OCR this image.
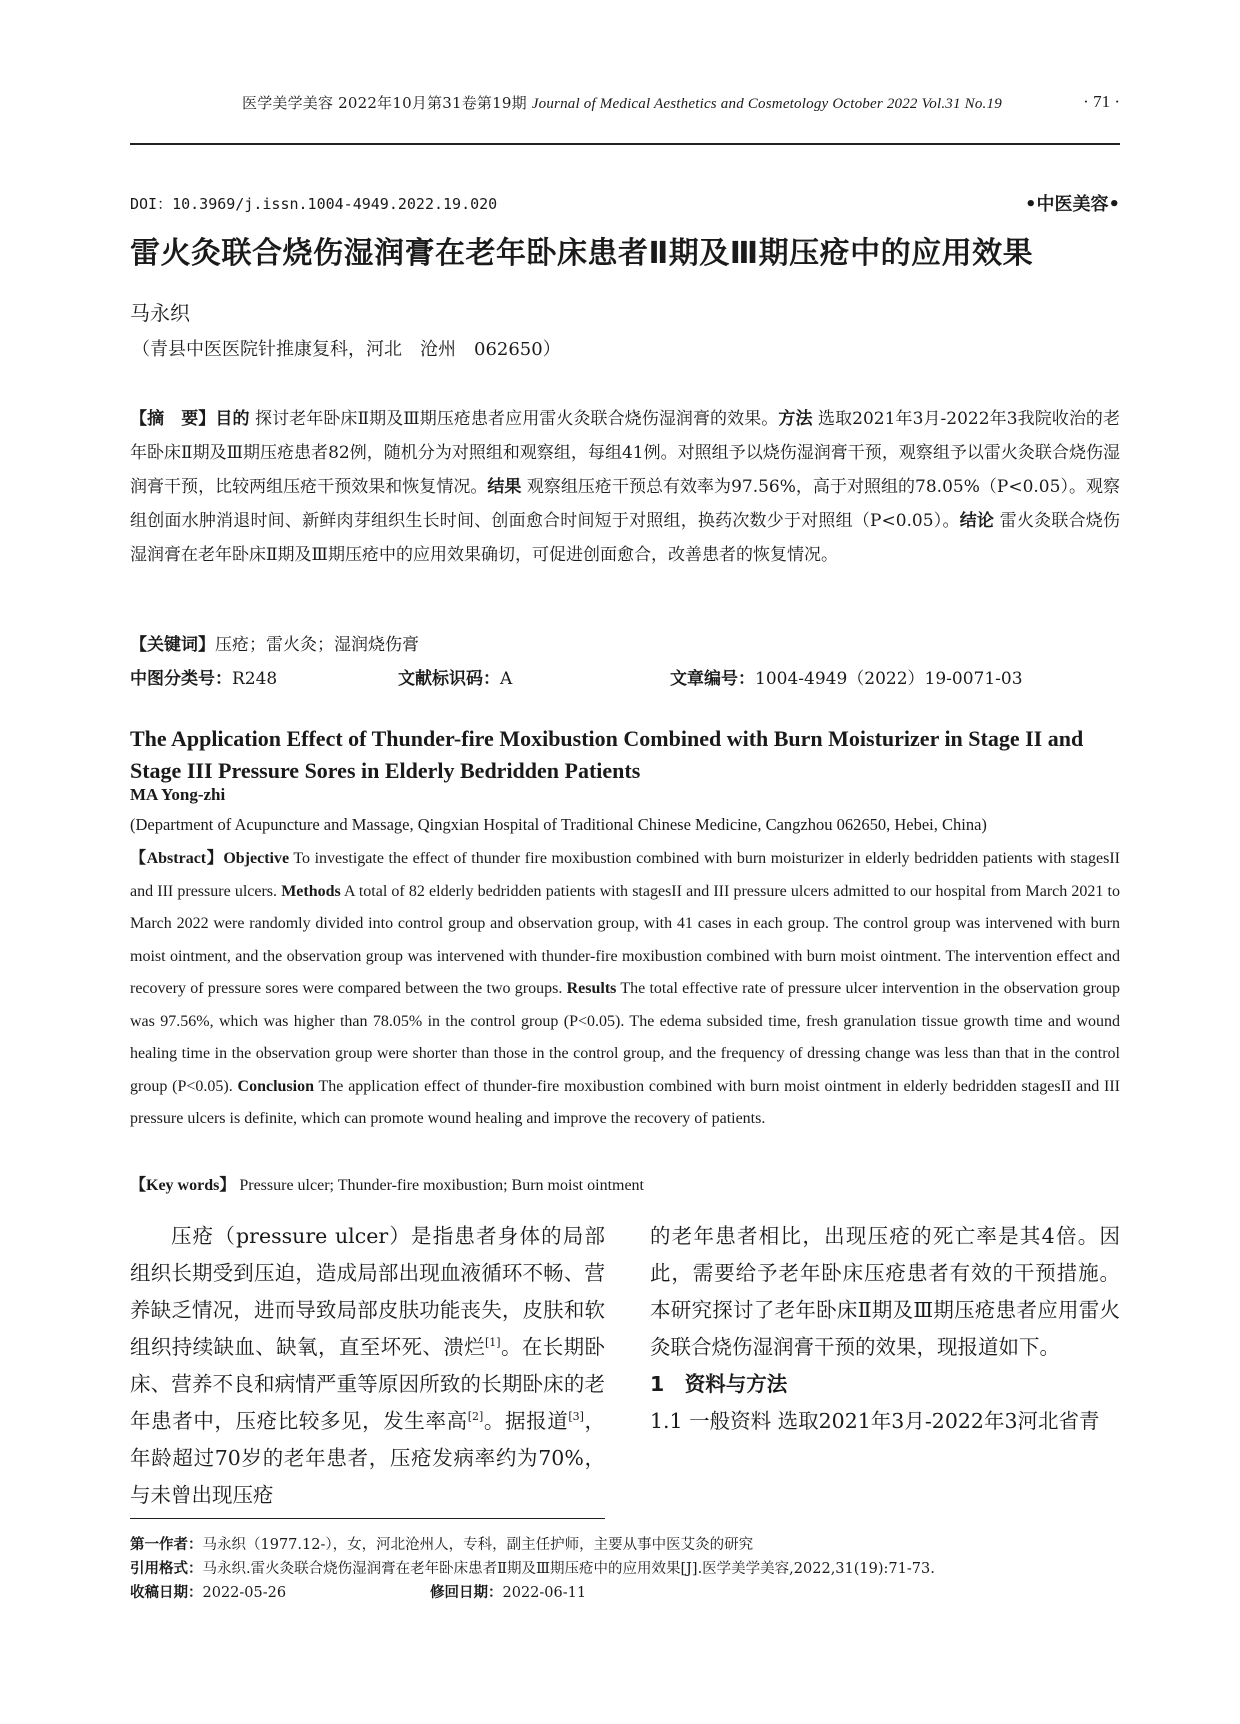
医学美学美容 2022年10月第31卷第19期 Journal of Medical Aesthetics and Cosmetology October 2022 Vol.31 No.19	· 71 ·
DOI：10.3969/j.issn.1004-4949.2022.19.020	•中医美容•
雷火灸联合烧伤湿润膏在老年卧床患者Ⅱ期及Ⅲ期压疮中的应用效果
马永织
（青县中医医院针推康复科，河北　沧州　062650）
【摘　要】目的 探讨老年卧床Ⅱ期及Ⅲ期压疮患者应用雷火灸联合烧伤湿润膏的效果。方法 选取2021年3月-2022年3我院收治的老年卧床Ⅱ期及Ⅲ期压疮患者82例，随机分为对照组和观察组，每组41例。对照组予以烧伤湿润膏干预，观察组予以雷火灸联合烧伤湿润膏干预，比较两组压疮干预效果和恢复情况。结果 观察组压疮干预总有效率为97.56%，高于对照组的78.05%（P<0.05）。观察组创面水肿消退时间、新鲜肉芽组织生长时间、创面愈合时间短于对照组，换药次数少于对照组（P<0.05）。结论 雷火灸联合烧伤湿润膏在老年卧床Ⅱ期及Ⅲ期压疮中的应用效果确切，可促进创面愈合，改善患者的恢复情况。
【关键词】压疮；雷火灸；湿润烧伤膏
中图分类号：R248	文献标识码：A	文章编号：1004-4949（2022）19-0071-03
The Application Effect of Thunder-fire Moxibustion Combined with Burn Moisturizer in Stage II and Stage III Pressure Sores in Elderly Bedridden Patients
MA Yong-zhi
(Department of Acupuncture and Massage, Qingxian Hospital of Traditional Chinese Medicine, Cangzhou 062650, Hebei, China)
【Abstract】Objective To investigate the effect of thunder fire moxibustion combined with burn moisturizer in elderly bedridden patients with stagesII and III pressure ulcers. Methods A total of 82 elderly bedridden patients with stagesII and III pressure ulcers admitted to our hospital from March 2021 to March 2022 were randomly divided into control group and observation group, with 41 cases in each group. The control group was intervened with burn moist ointment, and the observation group was intervened with thunder-fire moxibustion combined with burn moist ointment. The intervention effect and recovery of pressure sores were compared between the two groups. Results The total effective rate of pressure ulcer intervention in the observation group was 97.56%, which was higher than 78.05% in the control group (P<0.05). The edema subsided time, fresh granulation tissue growth time and wound healing time in the observation group were shorter than those in the control group, and the frequency of dressing change was less than that in the control group (P<0.05). Conclusion The application effect of thunder-fire moxibustion combined with burn moist ointment in elderly bedridden stagesII and III pressure ulcers is definite, which can promote wound healing and improve the recovery of patients.
【Key words】 Pressure ulcer; Thunder-fire moxibustion; Burn moist ointment

压疮（pressure ulcer）是指患者身体的局部组织长期受到压迫，造成局部出现血液循环不畅、营养缺乏情况，进而导致局部皮肤功能丧失，皮肤和软组织持续缺血、缺氧，直至坏死、溃烂[1]。在长期卧床、营养不良和病情严重等原因所致的长期卧床的老年患者中，压疮比较多见，发生率高[2]。据报道[3]，年龄超过70岁的老年患者，压疮发病率约为70%，与未曾出现压疮

的老年患者相比，出现压疮的死亡率是其4倍。因此，需要给予老年卧床压疮患者有效的干预措施。本研究探讨了老年卧床Ⅱ期及Ⅲ期压疮患者应用雷火灸联合烧伤湿润膏干预的效果，现报道如下。

1　资料与方法

1.1 一般资料 选取2021年3月-2022年3河北省青

第一作者：马永织（1977.12-），女，河北沧州人，专科，副主任护师，主要从事中医艾灸的研究
引用格式：马永织.雷火灸联合烧伤湿润膏在老年卧床患者Ⅱ期及Ⅲ期压疮中的应用效果[J].医学美学美容,2022,31(19):71-73.
收稿日期：2022-05-26	修回日期：2022-06-11
